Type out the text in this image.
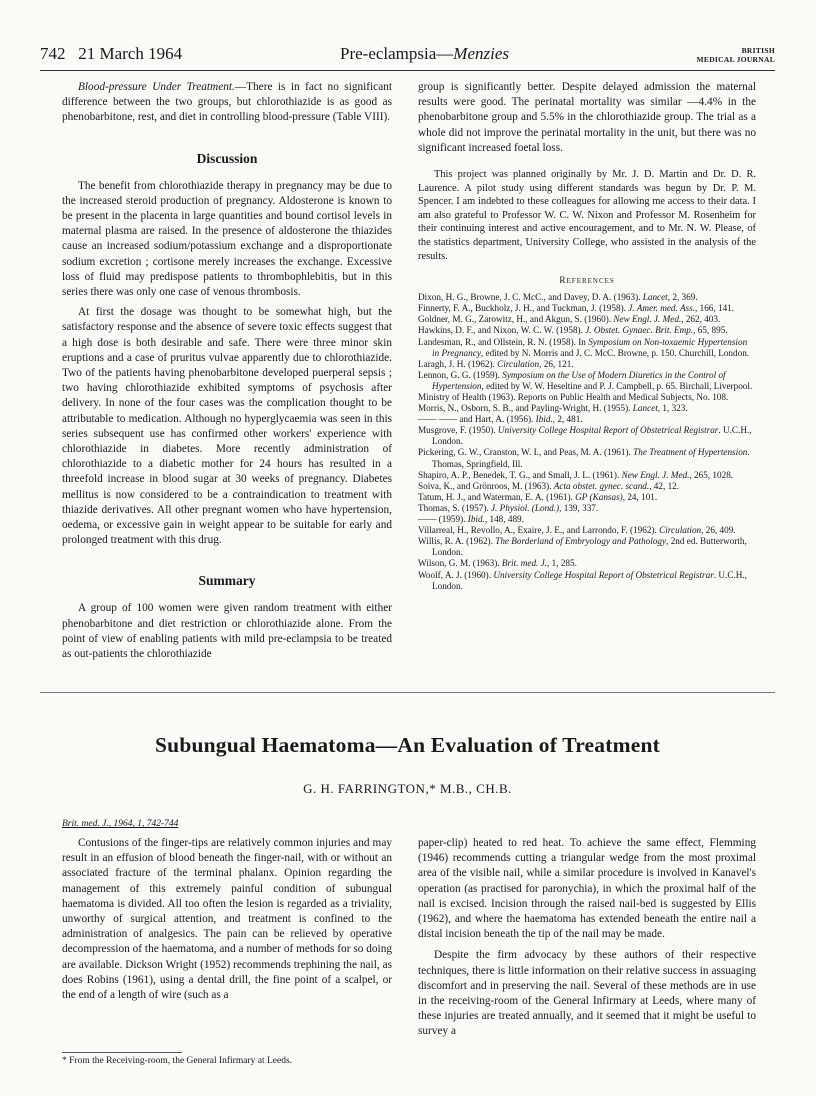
742 21 March 1964	Pre-eclampsia—Menzies	BRITISH
MEDICAL JOURNAL

Blood-pressure Under Treatment.—There is in fact no significant difference between the two groups, but chlorothiazide is as good as phenobarbitone, rest, and diet in controlling blood-pressure (Table VIII).

Discussion

The benefit from chlorothiazide therapy in pregnancy may be due to the increased steroid production of pregnancy. Aldosterone is known to be present in the placenta in large quantities and bound cortisol levels in maternal plasma are raised. In the presence of aldosterone the thiazides cause an increased sodium/potassium exchange and a disproportionate sodium excretion ; cortisone merely increases the exchange. Excessive loss of fluid may predispose patients to thrombophlebitis, but in this series there was only one case of venous thrombosis.

At first the dosage was thought to be somewhat high, but the satisfactory response and the absence of severe toxic effects suggest that a high dose is both desirable and safe. There were three minor skin eruptions and a case of pruritus vulvae apparently due to chlorothiazide. Two of the patients having phenobarbitone developed puerperal sepsis ; two having chlorothiazide exhibited symptoms of psychosis after delivery. In none of the four cases was the complication thought to be attributable to medication. Although no hyperglycaemia was seen in this series subsequent use has confirmed other workers' experience with chlorothiazide in diabetes. More recently administration of chlorothiazide to a diabetic mother for 24 hours has resulted in a threefold increase in blood sugar at 30 weeks of pregnancy. Diabetes mellitus is now considered to be a contraindication to treatment with thiazide derivatives. All other pregnant women who have hypertension, oedema, or excessive gain in weight appear to be suitable for early and prolonged treatment with this drug.

Summary

A group of 100 women were given random treatment with either phenobarbitone and diet restriction or chlorothiazide alone. From the point of view of enabling patients with mild pre-eclampsia to be treated as out-patients the chlorothiazide

group is significantly better. Despite delayed admission the maternal results were good. The perinatal mortality was similar —4.4% in the phenobarbitone group and 5.5% in the chlorothiazide group. The trial as a whole did not improve the perinatal mortality in the unit, but there was no significant increased foetal loss.

This project was planned originally by Mr. J. D. Martin and Dr. D. R. Laurence. A pilot study using different standards was begun by Dr. P. M. Spencer. I am indebted to these colleagues for allowing me access to their data. I am also grateful to Professor W. C. W. Nixon and Professor M. Rosenheim for their continuing interest and active encouragement, and to Mr. N. W. Please, of the statistics department, University College, who assisted in the analysis of the results.

References

Dixon, H. G., Browne, J. C. McC., and Davey, D. A. (1963). Lancet, 2, 369.
Finnerty, F. A., Buckholz, J. H., and Tuckman, J. (1958). J. Amer. med. Ass., 166, 141.
Goldner, M. G., Zarowitz, H., and Akgun, S. (1960). New Engl. J. Med., 262, 403.
Hawkins, D. F., and Nixon, W. C. W. (1958). J. Obstet. Gynaec. Brit. Emp., 65, 895.
Landesman, R., and Ollstein, R. N. (1958). In Symposium on Non-toxaemic Hypertension in Pregnancy, edited by N. Morris and J. C. McC. Browne, p. 150. Churchill, London.
Laragh, J. H. (1962). Circulation, 26, 121.
Lennon, G. G. (1959). Symposium on the Use of Modern Diuretics in the Control of Hypertension, edited by W. W. Heseltine and P. J. Campbell, p. 65. Birchall, Liverpool.
Ministry of Health (1963). Reports on Public Health and Medical Subjects, No. 108.
Morris, N., Osborn, S. B., and Payling-Wright, H. (1955). Lancet, 1, 323.
—— —— and Hart, A. (1956). Ibid., 2, 481.
Musgrove, F. (1950). University College Hospital Report of Obstetrical Registrar. U.C.H., London.
Pickering, G. W., Cranston, W. I., and Peas, M. A. (1961). The Treatment of Hypertension. Thomas, Springfield, Ill.
Shapiro, A. P., Benedek, T. G., and Small, J. L. (1961). New Engl. J. Med., 265, 1028.
Soiva, K., and Grönroos, M. (1963). Acta obstet. gynec. scand., 42, 12.
Tatum, H. J., and Waterman, E. A. (1961). GP (Kansas), 24, 101.
Thomas, S. (1957). J. Physiol. (Lond.), 139, 337.
—— (1959). Ibid., 148, 489.
Villarreal, H., Revollo, A., Exaire, J. E., and Larrondo, F. (1962). Circulation, 26, 409.
Willis, R. A. (1962). The Borderland of Embryology and Pathology, 2nd ed. Butterworth, London.
Wilson, G. M. (1963). Brit. med. J., 1, 285.
Woolf, A. J. (1960). University College Hospital Report of Obstetrical Registrar. U.C.H., London.
Subungual Haematoma—An Evaluation of Treatment
G. H. FARRINGTON,* M.B., CH.B.
Brit. med. J., 1964, 1, 742-744

Contusions of the finger-tips are relatively common injuries and may result in an effusion of blood beneath the finger-nail, with or without an associated fracture of the terminal phalanx. Opinion regarding the management of this extremely painful condition of subungual haematoma is divided. All too often the lesion is regarded as a triviality, unworthy of surgical attention, and treatment is confined to the administration of analgesics. The pain can be relieved by operative decompression of the haematoma, and a number of methods for so doing are available. Dickson Wright (1952) recommends trephining the nail, as does Robins (1961), using a dental drill, the fine point of a scalpel, or the end of a length of wire (such as a

paper-clip) heated to red heat. To achieve the same effect, Flemming (1946) recommends cutting a triangular wedge from the most proximal area of the visible nail, while a similar procedure is involved in Kanavel's operation (as practised for paronychia), in which the proximal half of the nail is excised. Incision through the raised nail-bed is suggested by Ellis (1962), and where the haematoma has extended beneath the entire nail a distal incision beneath the tip of the nail may be made.

Despite the firm advocacy by these authors of their respective techniques, there is little information on their relative success in assuaging discomfort and in preserving the nail. Several of these methods are in use in the receiving-room of the General Infirmary at Leeds, where many of these injuries are treated annually, and it seemed that it might be useful to survey a

* From the Receiving-room, the General Infirmary at Leeds.
